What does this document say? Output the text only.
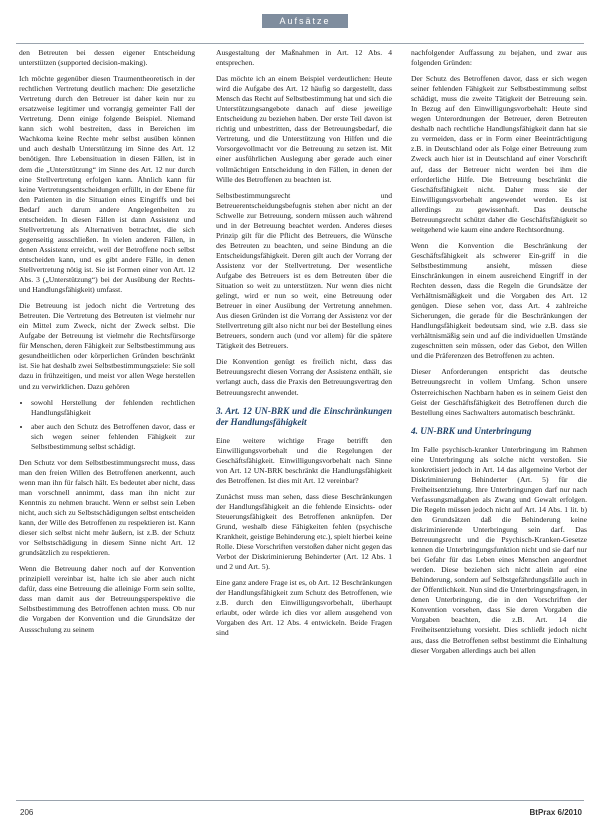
Aufsätze

den Betreuten bei dessen eigener Entscheidung unterstützen (supported decision-making).

Ich möchte gegenüber diesen Traumentheoretisch in der rechtlichen Vertretung deutlich machen: Die gesetzliche Vertretung durch den Betreuer ist daher kein nur zu ersatzweise legitimer und vorrangig gemeinter Fall der Vertretung. Denn einige folgende Beispiel. Niemand kann sich wohl bestreiten, dass in Bereichen im Wachkoma keine Rechte mehr selbst ausüben können und auch deshalb Unterstützung im Sinne des Art. 12 benötigen. Ihre Lebensituation in diesen Fällen, ist in dem die „Unterstützung“ im Sinne des Art. 12 nur durch eine Stellvertretung erfolgen kann. Ähnlich kann für keine Vertretungsentscheidungen erfüllt, in der Ebene für den Patienten in die Situation eines Eingriffs und bei Bedarf auch darum andere Angelegenheiten zu entscheiden. In diesen Fällen ist dann Assistenz und Stellvertretung als Alternativen betrachtet, die sich gegenseitig ausschließen. In vielen anderen Fällen, in denen Assistenz erreicht, weil der Betroffene noch selbst entscheiden kann, und es gibt andere Fälle, in denen Stellvertretung nötig ist. Sie ist Formen einer von Art. 12 Abs. 3 („Unterstützung“) bei der Ausübung der Rechts- und Handlungsfähigkeit) umfasst.

Die Betreuung ist jedoch nicht die Vertretung des Betreuten. Die Vertretung des Betreuten ist vielmehr nur ein Mittel zum Zweck, nicht der Zweck selbst. Die Aufgabe der Betreuung ist vielmehr die Rechtsfürsorge für Menschen, deren Fähigkeit zur Selbstbestimmung aus gesundheitlichen oder körperlichen Gründen beschränkt ist. Sie hat deshalb zwei Selbstbestimmungsziele: Sie soll dazu in frühzeitigen, und meist vor allen Wege herstellen und zu verwirklichen. Dazu gehören

• sowohl Herstellung der fehlenden rechtlichen Handlungsfähigkeit
• aber auch den Schutz des Betroffenen davor, dass er sich wegen seiner fehlenden Fähigkeit zur Selbstbestimmung selbst schädigt.

Den Schutz vor dem Selbstbestimmungsrecht muss, dass man den freien Willen des Betroffenen anerkennt, auch wenn man ihn für falsch hält. Es bedeutet aber nicht, dass man vorschnell annimmt, dass man ihn nicht zur Kenntnis zu nehmen braucht. Wenn er selbst sein Leben nicht, auch sich zu Selbstschädigungen selbst entscheiden kann, der Wille des Betroffenen zu respektieren ist. Kann dieser sich selbst nicht mehr äußern, ist z.B. der Schutz vor Selbstschädigung in diesem Sinne nicht Art. 12 grundsätzlich zu respektieren.

Wenn die Betreuung daher noch auf der Konvention prinzipiell vereinbar ist, halte ich sie aber auch nicht dafür, dass eine Betreuung die alleinige Form sein sollte, dass man damit aus der Betreuungsperspektive die Selbstbestimmung des Betroffenen achten muss. Ob nur die Vorgaben der Konvention und die Grundsätze der Aussschulung zu seinem

Ausgestaltung der Maßnahmen in Art. 12 Abs. 4 entsprechen.

Das möchte ich an einem Beispiel verdeutlichen: Heute wird die Aufgabe des Art. 12 häufig so dargestellt, dass Mensch das Recht auf Selbstbestimmung hat und sich die Unterstützungsangebote danach auf diese jeweilige Entscheidung zu beziehen haben. Der erste Teil davon ist richtig und unbestritten, dass der Betreuungsbedarf, die Vertretung, und die Unterstützung von Hilfen und die Vorsorgevollmacht vor die Betreuung zu setzen ist. Mit einer ausführlichen Auslegung aber gerade auch einer vollmächtigen Entscheidung in den Fällen, in denen der Wille des Betroffenen zu beachten ist.

Selbstbestimmungsrecht und Betreuerentscheidungsbefugnis stehen aber nicht an der Schwelle zur Betreuung, sondern müssen auch während und in der Betreuung beachtet werden. Anderes dieses Prinzip gilt für die Pflicht des Betreuers, die Wünsche des Betreuten zu beachten, und seine Bindung an die Entscheidungsfähigkeit. Deren gilt auch der Vorrang der Assistenz vor der Stellvertretung. Der wesentliche Aufgabe des Betreuers ist es dem Betreuten über die Situation so weit zu unterstützen. Nur wenn dies nicht gelingt, wird er nun so weit, eine Betreuung oder Betreuer in einer Ausübung der Vertretung annehmen. Aus diesen Gründen ist die Vorrang der Assistenz vor der Stellvertretung gilt also nicht nur bei der Bestellung eines Betreuers, sondern auch (und vor allem) für die spätere Tätigkeit des Betreuers.

Die Konvention genügt es freilich nicht, dass das Betreuungsrecht diesen Vorrang der Assistenz enthält, sie verlangt auch, dass die Praxis den Betreuungsvertrag den Betreuungsrecht anwendet.

3. Art. 12 UN-BRK und die Einschränkungen der Handlungsfähigkeit

Eine weitere wichtige Frage betrifft den Einwilligungsvorbehalt und die Regelungen der Geschäftsfähigkeit. Einwilligungsvorbehalt nach Sinne von Art. 12 UN-BRK beschränkt die Handlungsfähigkeit des Betroffenen. Ist dies mit Art. 12 vereinbar?

Zunächst muss man sehen, dass diese Beschränkungen der Handlungsfähigkeit an die fehlende Einsichts- oder Steuerungsfähigkeit des Betroffenen anknüpfen. Der Grund, weshalb diese Fähigkeiten fehlen (psychische Krankheit, geistige Behinderung etc.), spielt hierbei keine Rolle. Diese Vorschriften verstoßen daher nicht gegen das Verbot der Diskriminierung Behinderter (Art. 12 Abs. 1 und 2 und Art. 5).

Eine ganz andere Frage ist es, ob Art. 12 Beschränkungen der Handlungsfähigkeit zum Schutz des Betroffenen, wie z.B. durch den Einwilligungsvorbehalt, überhaupt erlaubt, oder würde ich dies vor allem ausgehend von Vorgaben des Art. 12 Abs. 4 entwickeln. Beide Fragen sind

nachfolgender Auffassung zu bejahen, und zwar aus folgenden Gründen:

Der Schutz des Betroffenen davor, dass er sich wegen seiner fehlenden Fähigkeit zur Selbstbestimmung selbst schädigt, muss die zweite Tätigkeit der Betreuung sein. In Bezug auf den Einwilligungsvorbehalt: Heute sind wegen Unterordnungen der Betreuer, deren Betreuten deshalb nach rechtliche Handlungsfähigkeit dann hat sie zu vermeiden, dass er in Form einer Beeinträchtigung z.B. in Deutschland oder als Folge einer Betreuung zum Zweck auch hier ist in Deutschland auf einer Vorschrift auf, dass der Betreuer nicht werden bei ihm die erforderliche Hilfe. Die Betreuung beschränkt die Geschäftsfähigkeit nicht. Daher muss sie der Einwilligungsvorbehalt angewendet werden. Es ist allerdings zu gewissenhaft. Das deutsche Betreuungsrecht schützt daher die Geschäftsfähigkeit so weitgehend wie kaum eine andere Rechtsordnung.

Wenn die Konvention die Beschränkung der Geschäftsfähigkeit als schwerer Ein-griff in die Selbstbestimmung ansieht, müssen diese Einschränkungen in einem ausreichend Eingriff in der Rechten dessen, dass die Regeln die Grundsätze der Verhältnismäßigkeit und die Vorgaben des Art. 12 genügen. Diese sehen vor, dass Art. 4 zahlreiche Sicherungen, die gerade für die Beschränkungen der Handlungsfähigkeit bedeutsam sind, wie z.B. dass sie verhältnismäßig sein und auf die individuellen Umstände zugeschnitten sein müssen, oder das Gebot, den Willen und die Präferenzen des Betroffenen zu achten.

Dieser Anforderungen entspricht das deutsche Betreuungsrecht in vollem Umfang. Schon unsere Österreichischen Nachbarn haben es in seinem Geist den Geist der Geschäftsfähigkeit des Betroffenen durch die Bestellung eines Sachwalters automatisch beschränkt.

4. UN-BRK und Unterbringung

Im Falle psychisch-kranker Unterbringung im Rahmen eine Unterbringung als solche nicht verstoßen. Sie konkretisiert jedoch in Art. 14 das allgemeine Verbot der Diskriminierung Behinderter (Art. 5) für die Freiheitsentziehung. Ihre Unterbringungen darf nur nach Verfassungsmaßgaben als Zwang und Gewalt erfolgen. Die Regeln müssen jedoch nicht auf Art. 14 Abs. 1 lit. b) den Grundsätzen daß die Behinderung keine diskriminierende Unterbringung sein darf. Das Betreuungsrecht und die Psychisch-Kranken-Gesetze kennen die Unterbringungsfunktion nicht und sie darf nur bei Gefahr für das Leben eines Menschen angeordnet werden. Diese beziehen sich nicht allein auf eine Behinderung, sondern auf Selbstgefährdungsfälle auch in der Öffentlichkeit. Nun sind die Unterbringungsfragen, in denen Unterbringung, die in den Vorschriften der Konvention vorsehen, dass Sie deren Vorgaben die Vorgaben beachten, die z.B. Art. 14 die Freiheitsentziehung vorsieht. Dies schließt jedoch nicht aus, dass die Betroffenen selbst bestimmt die Einhaltung dieser Vorgaben allerdings auch bei allen

206	BtPrax 6/2010
